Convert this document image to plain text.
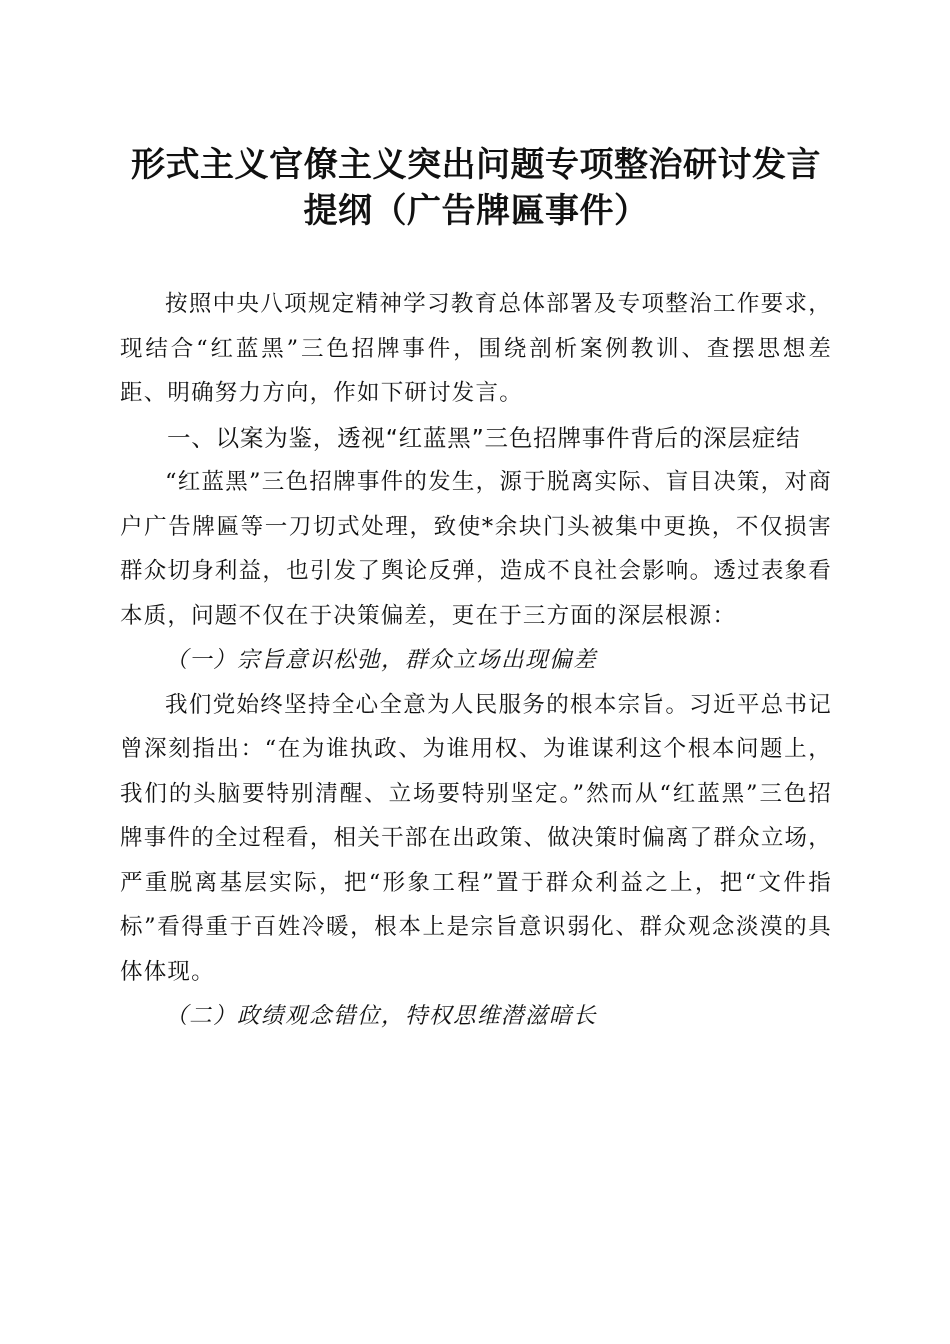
形式主义官僚主义突出问题专项整治研讨发言
提纲（广告牌匾事件）

按照中央八项规定精神学习教育总体部署及专项整治工作要求，现结合“红蓝黑”三色招牌事件，围绕剖析案例教训、查摆思想差距、明确努力方向，作如下研讨发言。

一、以案为鉴，透视“红蓝黑”三色招牌事件背后的深层症结

“红蓝黑”三色招牌事件的发生，源于脱离实际、盲目决策，对商户广告牌匾等一刀切式处理，致使*余块门头被集中更换，不仅损害群众切身利益，也引发了舆论反弹，造成不良社会影响。透过表象看本质，问题不仅在于决策偏差，更在于三方面的深层根源：

（一）宗旨意识松弛，群众立场出现偏差

我们党始终坚持全心全意为人民服务的根本宗旨。习近平总书记曾深刻指出：“在为谁执政、为谁用权、为谁谋利这个根本问题上，我们的头脑要特别清醒、立场要特别坚定。”然而从“红蓝黑”三色招牌事件的全过程看，相关干部在出政策、做决策时偏离了群众立场，严重脱离基层实际，把“形象工程”置于群众利益之上，把“文件指标”看得重于百姓冷暖，根本上是宗旨意识弱化、群众观念淡漠的具体体现。

（二）政绩观念错位，特权思维潜滋暗长
